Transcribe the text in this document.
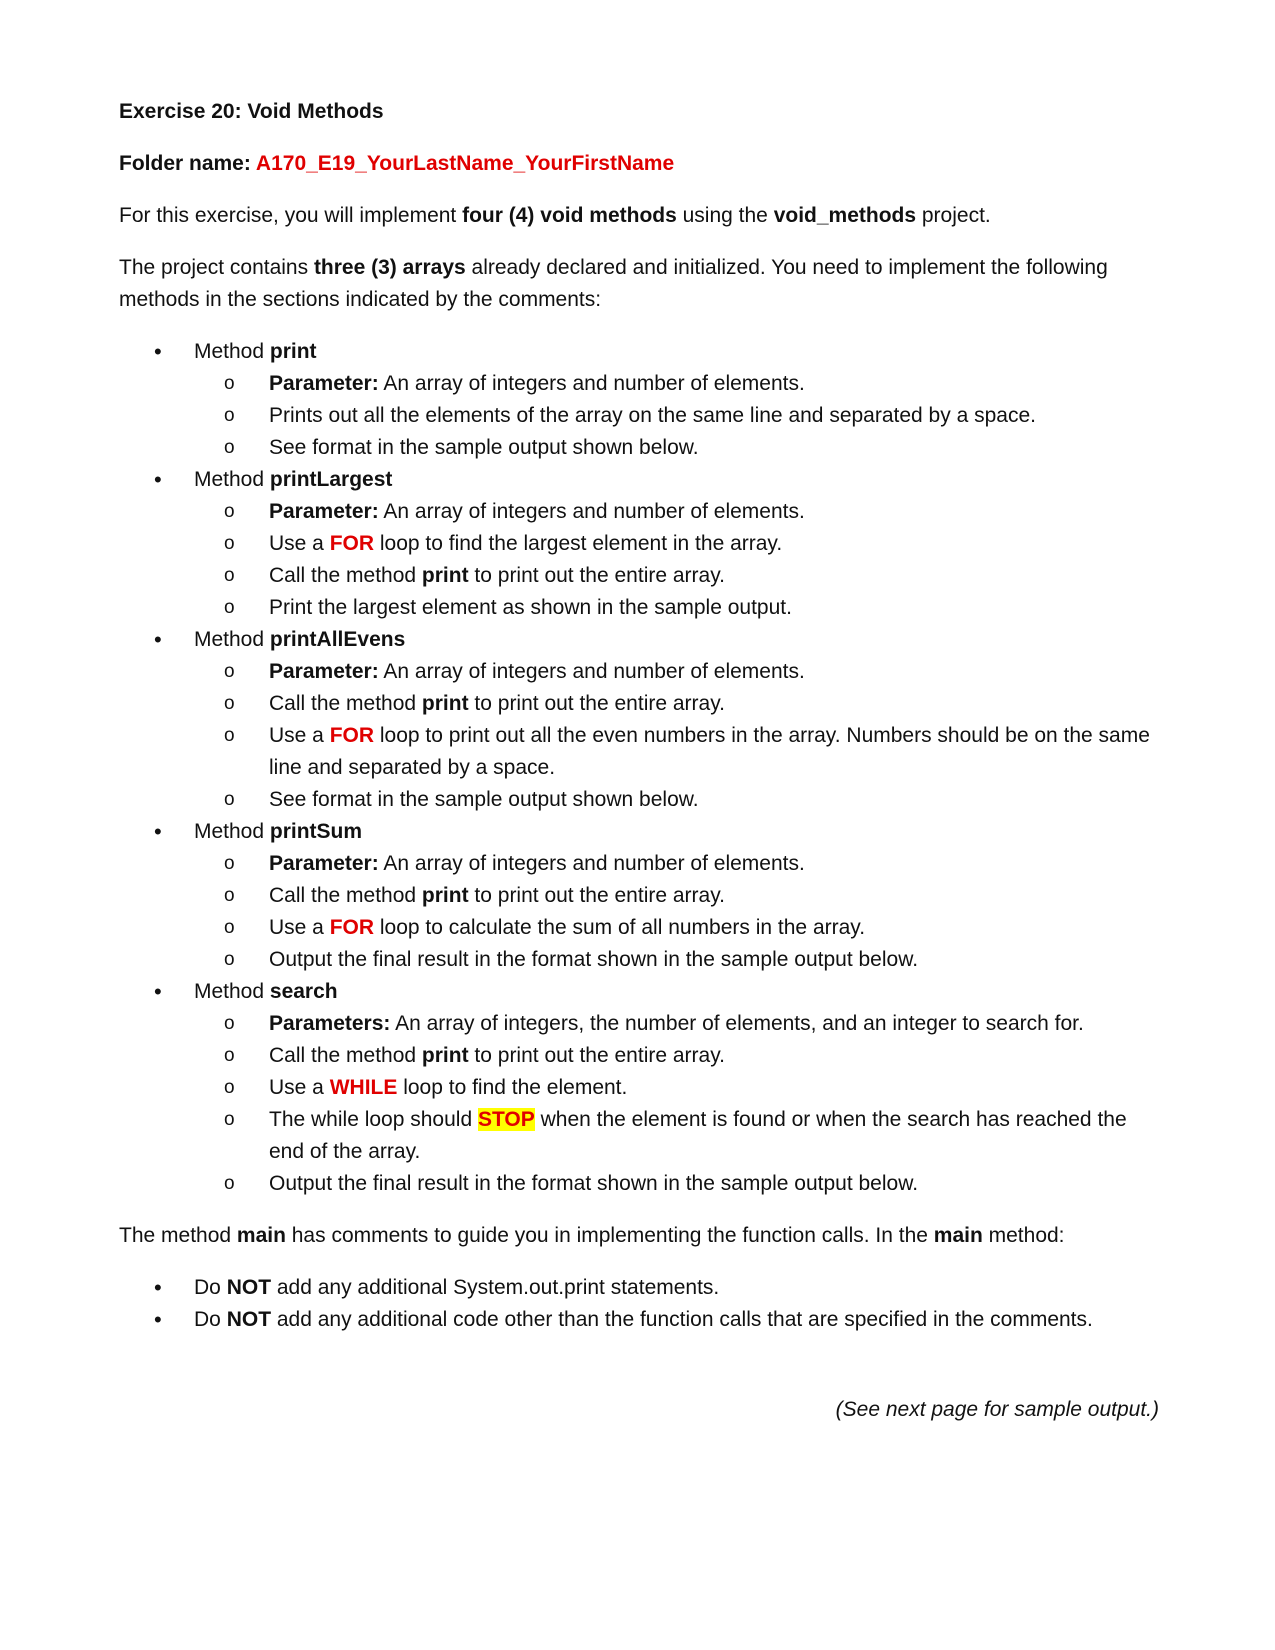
Exercise 20: Void Methods
Folder name: A170_E19_YourLastName_YourFirstName
For this exercise, you will implement four (4) void methods using the void_methods project.
The project contains three (3) arrays already declared and initialized. You need to implement the following methods in the sections indicated by the comments:
• Method print
o Parameter: An array of integers and number of elements.
o Prints out all the elements of the array on the same line and separated by a space.
o See format in the sample output shown below.
• Method printLargest
o Parameter: An array of integers and number of elements.
o Use a FOR loop to find the largest element in the array.
o Call the method print to print out the entire array.
o Print the largest element as shown in the sample output.
• Method printAllEvens
o Parameter: An array of integers and number of elements.
o Call the method print to print out the entire array.
o Use a FOR loop to print out all the even numbers in the array. Numbers should be on the same line and separated by a space.
o See format in the sample output shown below.
• Method printSum
o Parameter: An array of integers and number of elements.
o Call the method print to print out the entire array.
o Use a FOR loop to calculate the sum of all numbers in the array.
o Output the final result in the format shown in the sample output below.
• Method search
o Parameters: An array of integers, the number of elements, and an integer to search for.
o Call the method print to print out the entire array.
o Use a WHILE loop to find the element.
o The while loop should STOP when the element is found or when the search has reached the end of the array.
o Output the final result in the format shown in the sample output below.
The method main has comments to guide you in implementing the function calls. In the main method:
• Do NOT add any additional System.out.print statements.
• Do NOT add any additional code other than the function calls that are specified in the comments.
(See next page for sample output.)
